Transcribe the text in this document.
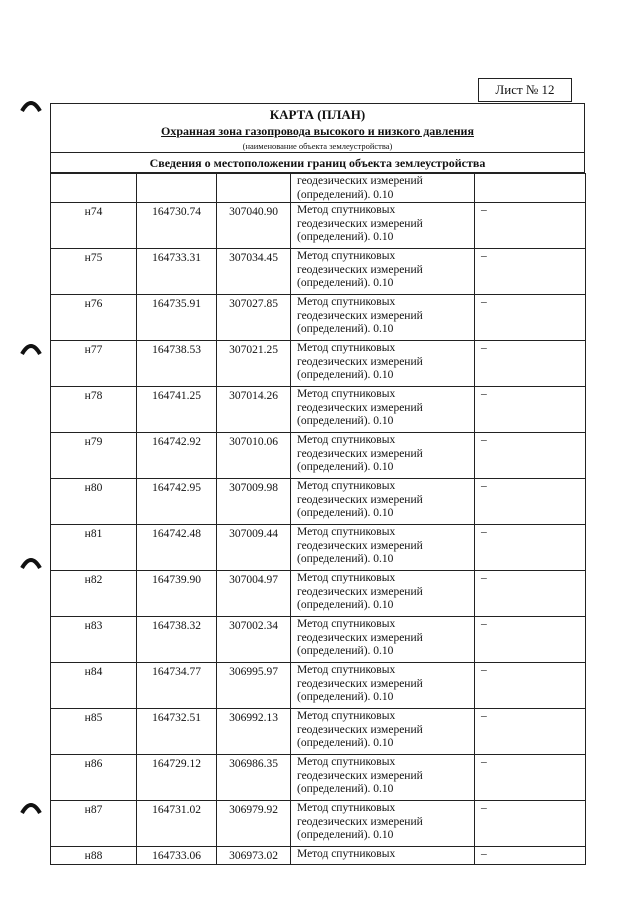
Лист № 12
КАРТА (ПЛАН)
Охранная зона газопровода высокого и низкого давления
(наименование объекта землеустройства)
Сведения о местоположении границ объекта землеустройства

			геодезических измерений
(определений). 0.10	

н74	164730.74	307040.90	Метод спутниковых
геодезических измерений
(определений). 0.10	–
н75	164733.31	307034.45	Метод спутниковых
геодезических измерений
(определений). 0.10	–
н76	164735.91	307027.85	Метод спутниковых
геодезических измерений
(определений). 0.10	–
н77	164738.53	307021.25	Метод спутниковых
геодезических измерений
(определений). 0.10	–
н78	164741.25	307014.26	Метод спутниковых
геодезических измерений
(определений). 0.10	–
н79	164742.92	307010.06	Метод спутниковых
геодезических измерений
(определений). 0.10	–
н80	164742.95	307009.98	Метод спутниковых
геодезических измерений
(определений). 0.10	–
н81	164742.48	307009.44	Метод спутниковых
геодезических измерений
(определений). 0.10	–
н82	164739.90	307004.97	Метод спутниковых
геодезических измерений
(определений). 0.10	–
н83	164738.32	307002.34	Метод спутниковых
геодезических измерений
(определений). 0.10	–
н84	164734.77	306995.97	Метод спутниковых
геодезических измерений
(определений). 0.10	–
н85	164732.51	306992.13	Метод спутниковых
геодезических измерений
(определений). 0.10	–
н86	164729.12	306986.35	Метод спутниковых
геодезических измерений
(определений). 0.10	–
н87	164731.02	306979.92	Метод спутниковых
геодезических измерений
(определений). 0.10	–
н88	164733.06	306973.02	Метод спутниковых	–
